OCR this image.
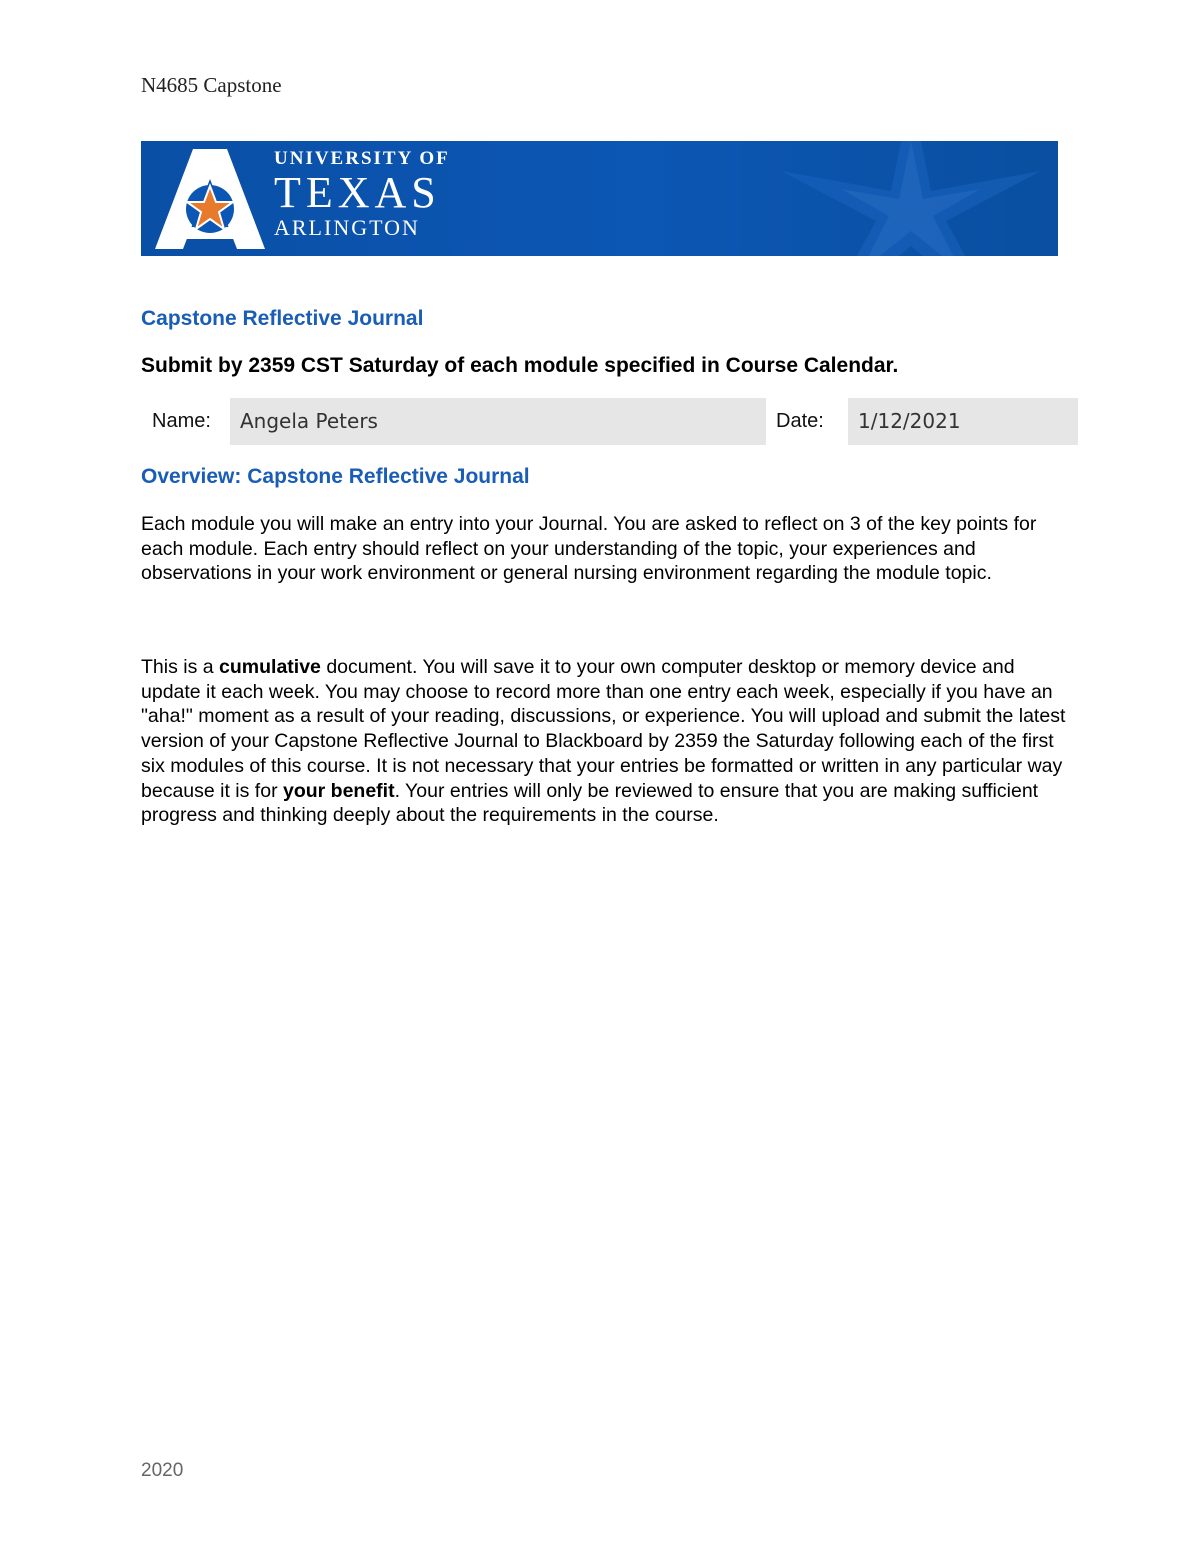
N4685 Capstone
UNIVERSITY OF
TEXAS
ARLINGTON
Capstone Reflective Journal
Submit by 2359 CST Saturday of each module specified in Course Calendar.
Name:	Angela Peters	Date:	1/12/2021
Overview: Capstone Reflective Journal
Each module you will make an entry into your Journal. You are asked to reflect on 3 of the key points for each module. Each entry should reflect on your understanding of the topic, your experiences and observations in your work environment or general nursing environment regarding the module topic.
This is a cumulative document. You will save it to your own computer desktop or memory device and update it each week. You may choose to record more than one entry each week, especially if you have an "aha!" moment as a result of your reading, discussions, or experience. You will upload and submit the latest version of your Capstone Reflective Journal to Blackboard by 2359 the Saturday following each of the first six modules of this course. It is not necessary that your entries be formatted or written in any particular way because it is for your benefit. Your entries will only be reviewed to ensure that you are making sufficient progress and thinking deeply about the requirements in the course.
2020
